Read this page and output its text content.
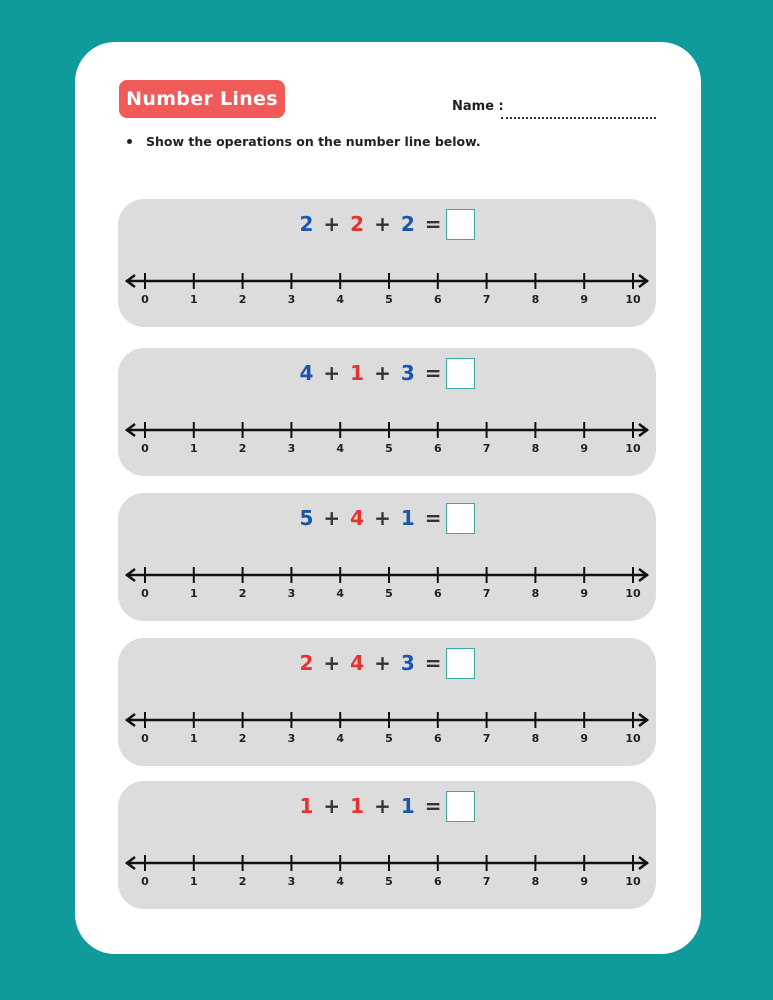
Number Lines	Name :
Show the operations on the number line below.
2 + 2 + 2 =
0	1	2	3	4	5	6	7	8	9	10
4 + 1 + 3 =
0	1	2	3	4	5	6	7	8	9	10
5 + 4 + 1 =
0	1	2	3	4	5	6	7	8	9	10
2 + 4 + 3 =
0	1	2	3	4	5	6	7	8	9	10
1 + 1 + 1 =
0	1	2	3	4	5	6	7	8	9	10
